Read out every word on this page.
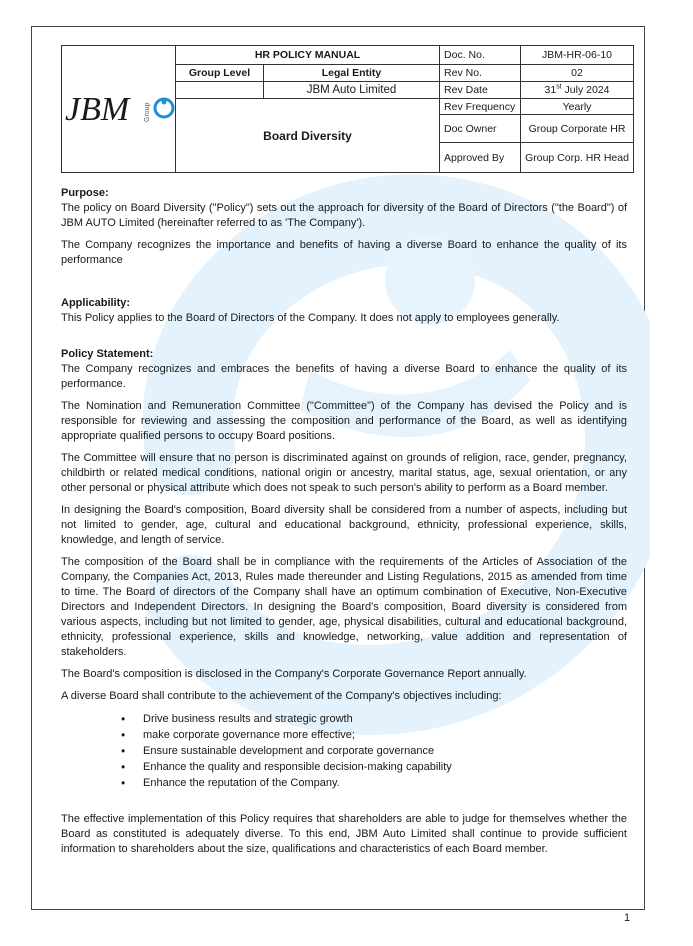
JBM Group	HR POLICY MANUAL		Doc. No.	JBM-HR-06-10
	Group Level	Legal Entity	Rev No.	02
		JBM Auto Limited	Rev Date	31st July 2024
	Board Diversity		Rev Frequency	Yearly
			Doc Owner	Group Corporate HR
			Approved By	Group Corp. HR Head

Purpose:

The policy on Board Diversity ("Policy") sets out the approach for diversity of the Board of Directors ("the Board") of JBM AUTO Limited (hereinafter referred to as 'The Company').

The Company recognizes the importance and benefits of having a diverse Board to enhance the quality of its performance

Applicability:

This Policy applies to the Board of Directors of the Company. It does not apply to employees generally.

Policy Statement:

The Company recognizes and embraces the benefits of having a diverse Board to enhance the quality of its performance.

The Nomination and Remuneration Committee ("Committee") of the Company has devised the Policy and is responsible for reviewing and assessing the composition and performance of the Board, as well as identifying appropriate qualified persons to occupy Board positions.

The Committee will ensure that no person is discriminated against on grounds of religion, race, gender, pregnancy, childbirth or related medical conditions, national origin or ancestry, marital status, age, sexual orientation, or any other personal or physical attribute which does not speak to such person's ability to perform as a Board member.

In designing the Board's composition, Board diversity shall be considered from a number of aspects, including but not limited to gender, age, cultural and educational background, ethnicity, professional experience, skills, knowledge, and length of service.

The composition of the Board shall be in compliance with the requirements of the Articles of Association of the Company, the Companies Act, 2013, Rules made thereunder and Listing Regulations, 2015 as amended from time to time. The Board of directors of the Company shall have an optimum combination of Executive, Non-Executive Directors and Independent Directors. In designing the Board's composition, Board diversity is considered from various aspects, including but not limited to gender, age, physical disabilities, cultural and educational background, ethnicity, professional experience, skills and knowledge, networking, value addition and representation of stakeholders.

The Board's composition is disclosed in the Company's Corporate Governance Report annually.

A diverse Board shall contribute to the achievement of the Company's objectives including:

• Drive business results and strategic growth
• make corporate governance more effective;
• Ensure sustainable development and corporate governance
• Enhance the quality and responsible decision-making capability
• Enhance the reputation of the Company.

The effective implementation of this Policy requires that shareholders are able to judge for themselves whether the Board as constituted is adequately diverse. To this end, JBM Auto Limited shall continue to provide sufficient information to shareholders about the size, qualifications and characteristics of each Board member.

1
